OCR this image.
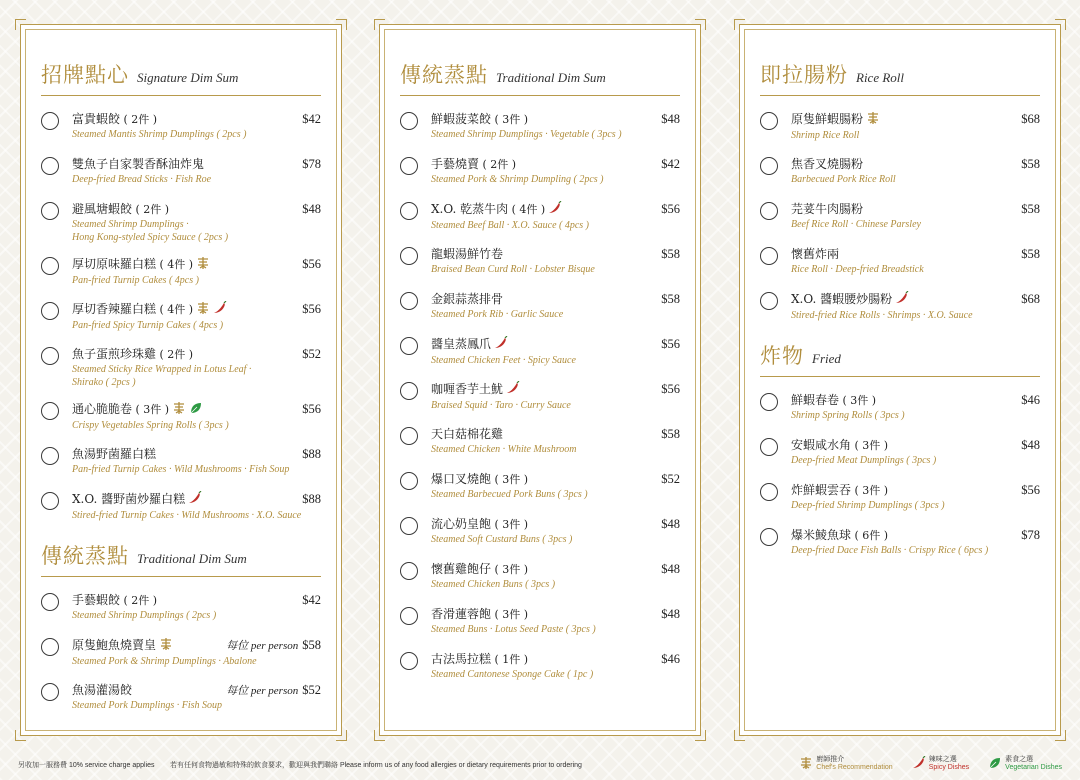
招牌點心 Signature Dim Sum
富貴蝦餃 ( 2件 )	$42
Steamed Mantis Shrimp Dumplings ( 2pcs )
雙魚子自家製香酥油炸鬼	$78
Deep-fried Bread Sticks · Fish Roe
避風塘蝦餃 ( 2件 )	$48
Steamed Shrimp Dumplings ·
Hong Kong-styled Spicy Sauce ( 2pcs )
厚切原味羅白糕 ( 4件 )	$56
Pan-fried Turnip Cakes ( 4pcs )
厚切香辣羅白糕 ( 4件 )	$56
Pan-fried Spicy Turnip Cakes ( 4pcs )
魚子蛋煎珍珠雞 ( 2件 )	$52
Steamed Sticky Rice Wrapped in Lotus Leaf ·
Shirako ( 2pcs )
通心脆脆卷 ( 3件 )	$56
Crispy Vegetables Spring Rolls ( 3pcs )
魚湯野菌羅白糕	$88
Pan-fried Turnip Cakes · Wild Mushrooms · Fish Soup
X.O. 醬野菌炒羅白糕	$88
Stired-fried Turnip Cakes · Wild Mushrooms · X.O. Sauce
傳統蒸點 Traditional Dim Sum
手藝蝦餃 ( 2件 )	$42
Steamed Shrimp Dumplings ( 2pcs )
原隻鮑魚燒賣皇	每位 per person $58
Steamed Pork & Shrimp Dumplings · Abalone
魚湯灌湯餃	每位 per person $52
Steamed Pork Dumplings · Fish Soup
傳統蒸點 Traditional Dim Sum
鮮蝦菠菜餃 ( 3件 )	$48
Steamed Shrimp Dumplings · Vegetable ( 3pcs )
手藝燒賣 ( 2件 )	$42
Steamed Pork & Shrimp Dumpling ( 2pcs )
X.O. 乾蒸牛肉 ( 4件 )	$56
Steamed Beef Ball · X.O. Sauce ( 4pcs )
龍蝦湯鮮竹卷	$58
Braised Bean Curd Roll · Lobster Bisque
金銀蒜蒸排骨	$58
Steamed Pork Rib · Garlic Sauce
醬皇蒸鳳爪	$56
Steamed Chicken Feet · Spicy Sauce
咖喱香芋土魷	$56
Braised Squid · Taro · Curry Sauce
天白菇棉花雞	$58
Steamed Chicken · White Mushroom
爆口叉燒飽 ( 3件 )	$52
Steamed Barbecued Pork Buns ( 3pcs )
流心奶皇飽 ( 3件 )	$48
Steamed Soft Custard Buns ( 3pcs )
懷舊雞飽仔 ( 3件 )	$48
Steamed Chicken Buns ( 3pcs )
香滑蓮蓉飽 ( 3件 )	$48
Steamed Buns · Lotus Seed Paste ( 3pcs )
古法馬拉糕 ( 1件 )	$46
Steamed Cantonese Sponge Cake ( 1pc )
即拉腸粉 Rice Roll
原隻鮮蝦腸粉	$68
Shrimp Rice Roll
焦香叉燒腸粉	$58
Barbecued Pork Rice Roll
芫荽牛肉腸粉	$58
Beef Rice Roll · Chinese Parsley
懷舊炸兩	$58
Rice Roll · Deep-fried Breadstick
X.O. 醬蝦腰炒腸粉	$68
Stired-fried Rice Rolls · Shrimps · X.O. Sauce
炸物 Fried
鮮蝦春卷 ( 3件 )	$46
Shrimp Spring Rolls ( 3pcs )
安蝦咸水角 ( 3件 )	$48
Deep-fried Meat Dumplings ( 3pcs )
炸鮮蝦雲吞 ( 3件 )	$56
Deep-fried Shrimp Dumplings ( 3pcs )
爆米鯪魚球 ( 6件 )	$78
Deep-fried Dace Fish Balls · Crispy Rice ( 6pcs )
另收加一服務費 10% service charge applies 若有任何食物過敏和特殊的飲食要求，歡迎與我們聯絡 Please inform us of any food allergies or dietary requirements prior to ordering
廚師推介
Chef's Recommendation
辣味之選
Spicy Dishes
素食之選
Vegetarian Dishes
